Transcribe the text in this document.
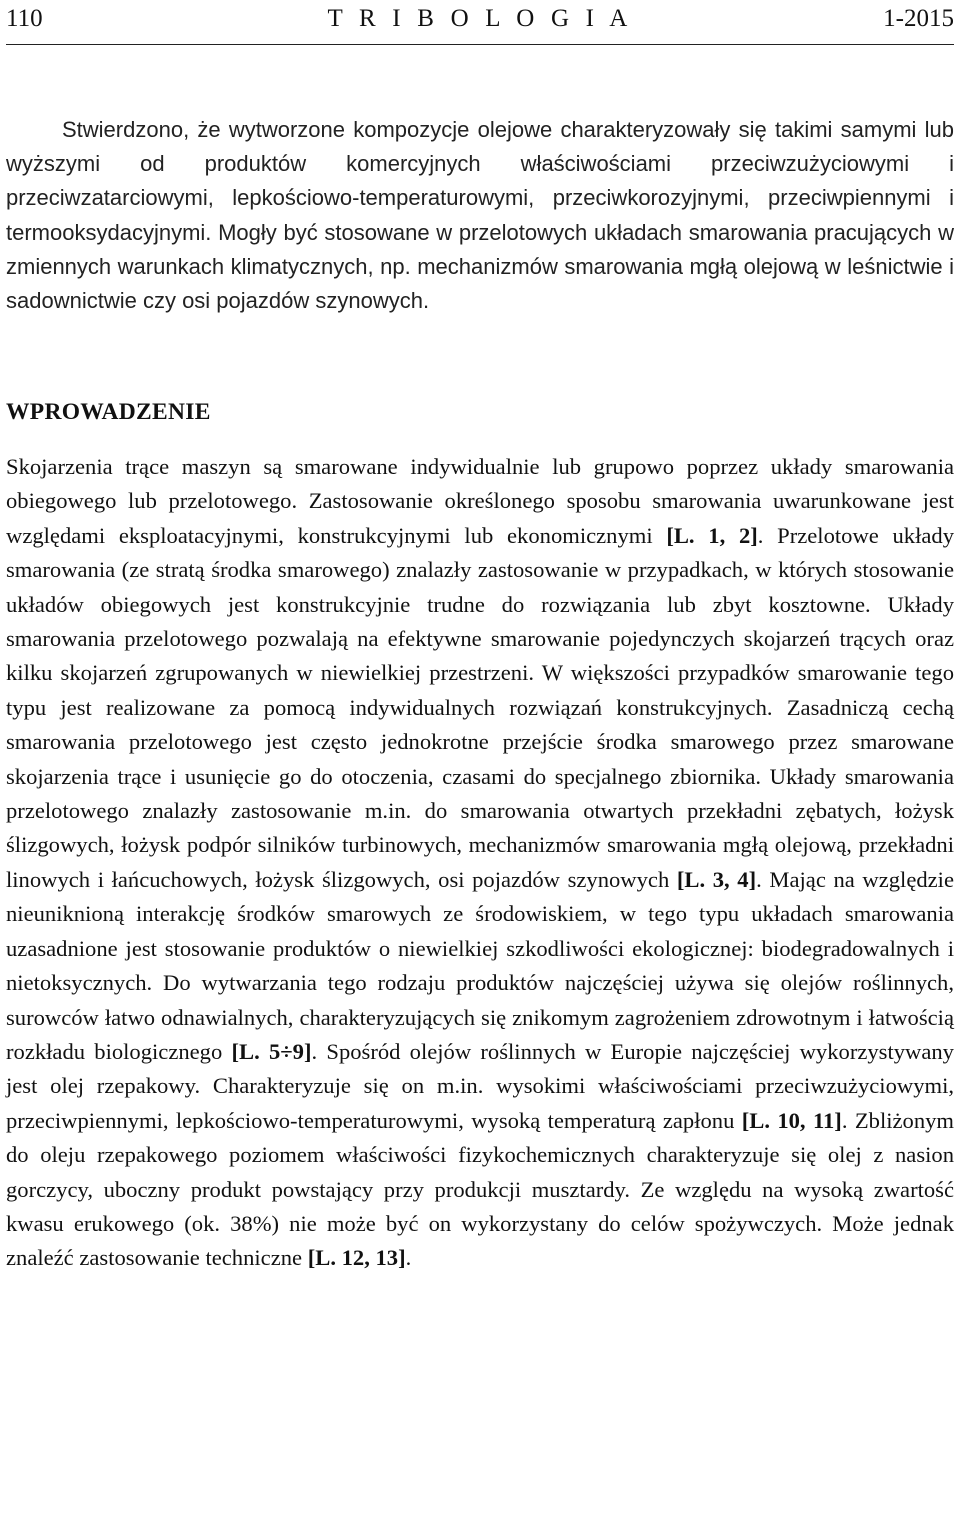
110	T R I B O L O G I A	1-2015

Stwierdzono, że wytworzone kompozycje olejowe charakteryzowały się takimi samymi lub wyższymi od produktów komercyjnych właściwościami przeciwzużyciowymi i przeciwzatarciowymi, lepkościowo-temperaturowymi, przeciwkorozyjnymi, przeciwpiennymi i termooksydacyjnymi. Mogły być stosowane w przelotowych układach smarowania pracujących w zmiennych warunkach klimatycznych, np. mechanizmów smarowania mgłą olejową w leśnictwie i sadownictwie czy osi pojazdów szynowych.

WPROWADZENIE

Skojarzenia trące maszyn są smarowane indywidualnie lub grupowo poprzez układy smarowania obiegowego lub przelotowego. Zastosowanie określonego sposobu smarowania uwarunkowane jest względami eksploatacyjnymi, konstrukcyjnymi lub ekonomicznymi [L. 1, 2]. Przelotowe układy smarowania (ze stratą środka smarowego) znalazły zastosowanie w przypadkach, w których stosowanie układów obiegowych jest konstrukcyjnie trudne do rozwiązania lub zbyt kosztowne. Układy smarowania przelotowego pozwalają na efektywne smarowanie pojedynczych skojarzeń trących oraz kilku skojarzeń zgrupowanych w niewielkiej przestrzeni. W większości przypadków smarowanie tego typu jest realizowane za pomocą indywidualnych rozwiązań konstrukcyjnych. Zasadniczą cechą smarowania przelotowego jest często jednokrotne przejście środka smarowego przez smarowane skojarzenia trące i usunięcie go do otoczenia, czasami do specjalnego zbiornika. Układy smarowania przelotowego znalazły zastosowanie m.in. do smarowania otwartych przekładni zębatych, łożysk ślizgowych, łożysk podpór silników turbinowych, mechanizmów smarowania mgłą olejową, przekładni linowych i łańcuchowych, łożysk ślizgowych, osi pojazdów szynowych [L. 3, 4]. Mając na względzie nieuniknioną interakcję środków smarowych ze środowiskiem, w tego typu układach smarowania uzasadnione jest stosowanie produktów o niewielkiej szkodliwości ekologicznej: biodegradowalnych i nietoksycznych. Do wytwarzania tego rodzaju produktów najczęściej używa się olejów roślinnych, surowców łatwo odnawialnych, charakteryzujących się znikomym zagrożeniem zdrowotnym i łatwością rozkładu biologicznego [L. 5÷9]. Spośród olejów roślinnych w Europie najczęściej wykorzystywany jest olej rzepakowy. Charakteryzuje się on m.in. wysokimi właściwościami przeciwzużyciowymi, przeciwpiennymi, lepkościowo-temperaturowymi, wysoką temperaturą zapłonu [L. 10, 11]. Zbliżonym do oleju rzepakowego poziomem właściwości fizykochemicznych charakteryzuje się olej z nasion gorczycy, uboczny produkt powstający przy produkcji musztardy. Ze względu na wysoką zwartość kwasu erukowego (ok. 38%) nie może być on wykorzystany do celów spożywczych. Może jednak znaleźć zastosowanie techniczne [L. 12, 13].
